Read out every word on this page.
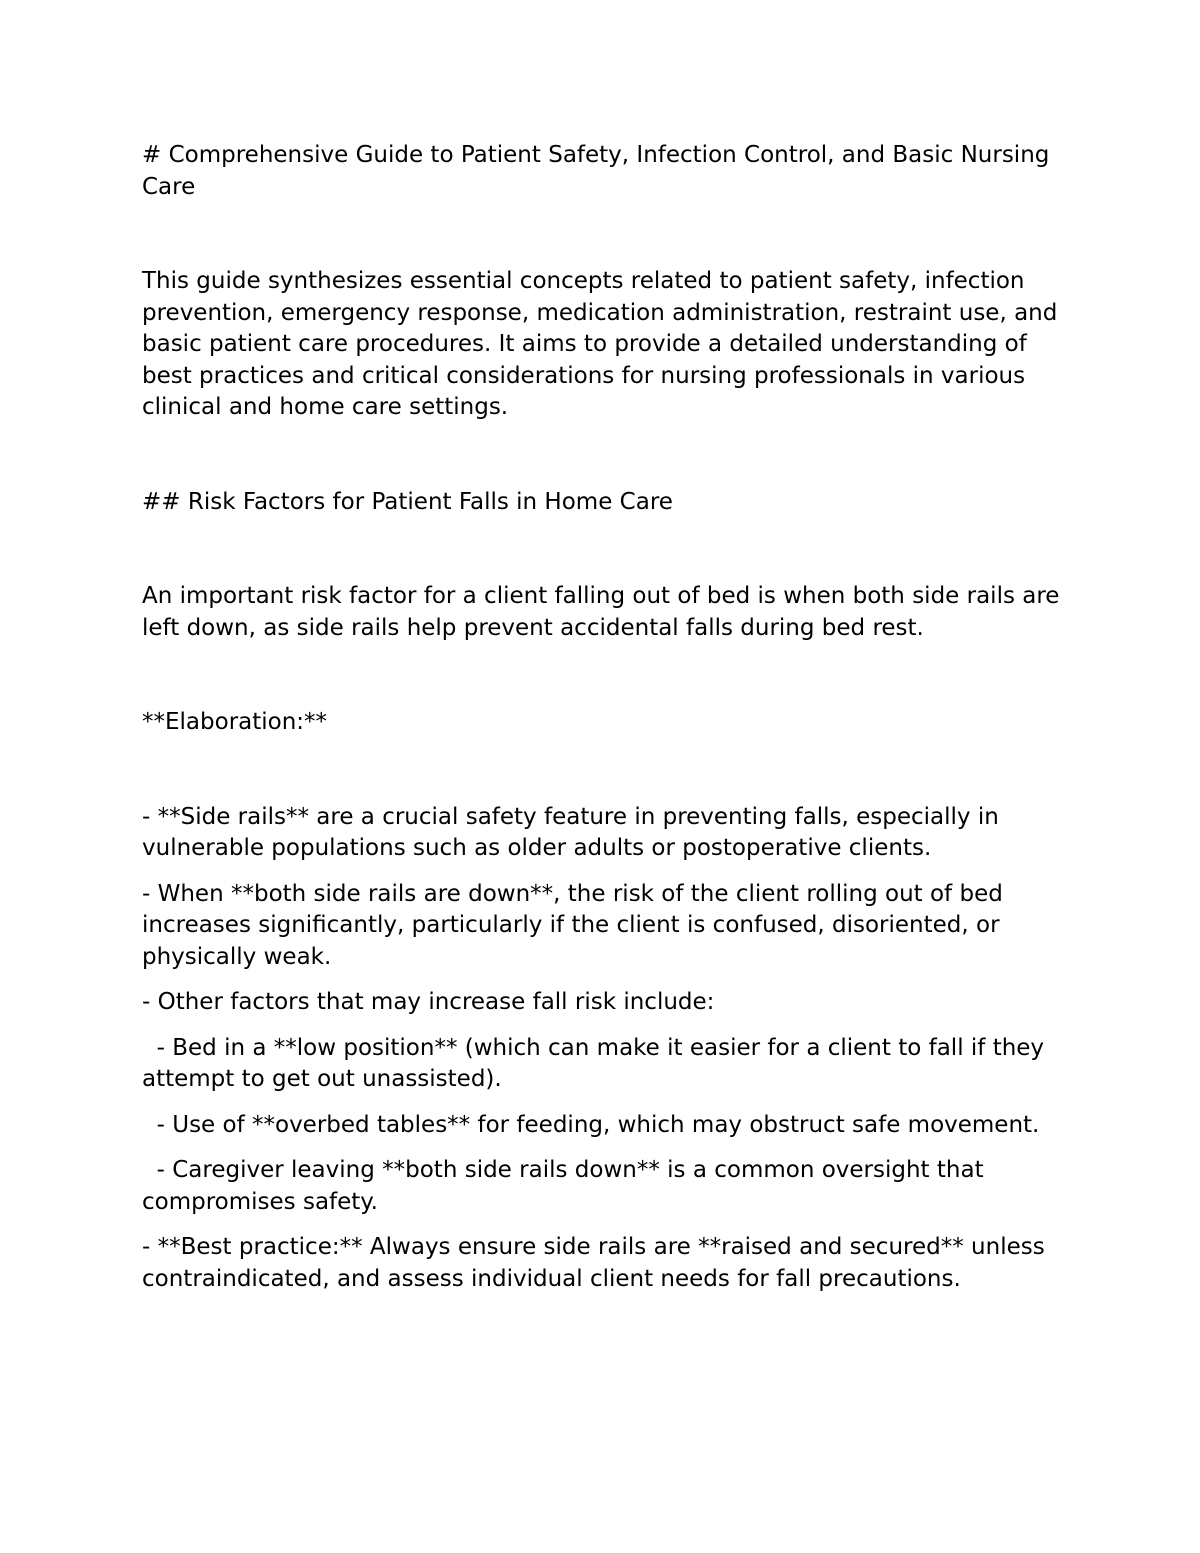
# Comprehensive Guide to Patient Safety, Infection Control, and Basic Nursing Care

This guide synthesizes essential concepts related to patient safety, infection prevention, emergency response, medication administration, restraint use, and basic patient care procedures. It aims to provide a detailed understanding of best practices and critical considerations for nursing professionals in various clinical and home care settings.

## Risk Factors for Patient Falls in Home Care

An important risk factor for a client falling out of bed is when both side rails are left down, as side rails help prevent accidental falls during bed rest.

**Elaboration:**

- **Side rails** are a crucial safety feature in preventing falls, especially in vulnerable populations such as older adults or postoperative clients.

- When **both side rails are down**, the risk of the client rolling out of bed increases significantly, particularly if the client is confused, disoriented, or physically weak.

- Other factors that may increase fall risk include:

- Bed in a **low position** (which can make it easier for a client to fall if they attempt to get out unassisted).

- Use of **overbed tables** for feeding, which may obstruct safe movement.

- Caregiver leaving **both side rails down** is a common oversight that compromises safety.

- **Best practice:** Always ensure side rails are **raised and secured** unless contraindicated, and assess individual client needs for fall precautions.
